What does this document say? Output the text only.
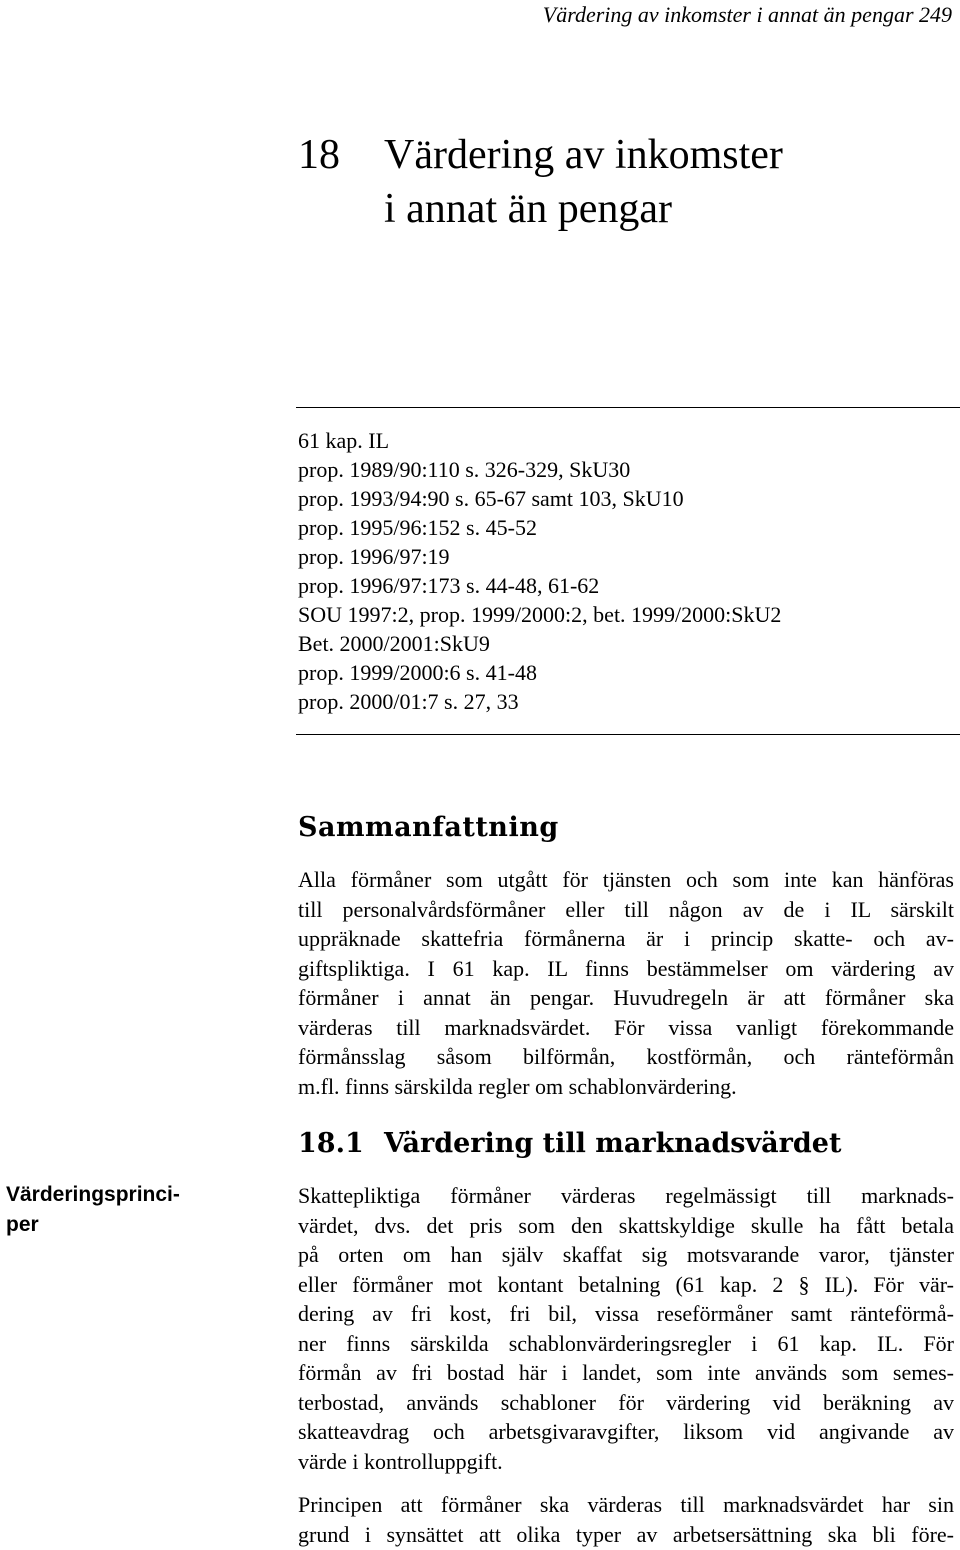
Värdering av inkomster i annat än pengar 249
18 Värdering av inkomster
i annat än pengar
61 kap. IL
prop. 1989/90:110 s. 326-329, SkU30
prop. 1993/94:90 s. 65-67 samt 103, SkU10
prop. 1995/96:152 s. 45-52
prop. 1996/97:19
prop. 1996/97:173 s. 44-48, 61-62
SOU 1997:2, prop. 1999/2000:2, bet. 1999/2000:SkU2
Bet. 2000/2001:SkU9
prop. 1999/2000:6 s. 41-48
prop. 2000/01:7 s. 27, 33
Sammanfattning
Alla förmåner som utgått för tjänsten och som inte kan hänföras
till personalvårdsförmåner eller till någon av de i IL särskilt
uppräknade skattefria förmånerna är i princip skatte- och av-
giftspliktiga. I 61 kap. IL finns bestämmelser om värdering av
förmåner i annat än pengar. Huvudregeln är att förmåner ska
värderas till marknadsvärdet. För vissa vanligt förekommande
förmånsslag såsom bilförmån, kostförmån, och ränteförmån
m.fl. finns särskilda regler om schablonvärdering.
18.1 Värdering till marknadsvärdet
Värderingsprinci-
per
Skattepliktiga förmåner värderas regelmässigt till marknads-
värdet, dvs. det pris som den skattskyldige skulle ha fått betala
på orten om han själv skaffat sig motsvarande varor, tjänster
eller förmåner mot kontant betalning (61 kap. 2 § IL). För vär-
dering av fri kost, fri bil, vissa reseförmåner samt ränteförmå-
ner finns särskilda schablonvärderingsregler i 61 kap. IL. För
förmån av fri bostad här i landet, som inte används som semes-
terbostad, används schabloner för värdering vid beräkning av
skatteavdrag och arbetsgivaravgifter, liksom vid angivande av
värde i kontrolluppgift.
Principen att förmåner ska värderas till marknadsvärdet har sin
grund i synsättet att olika typer av arbetsersättning ska bli före-
